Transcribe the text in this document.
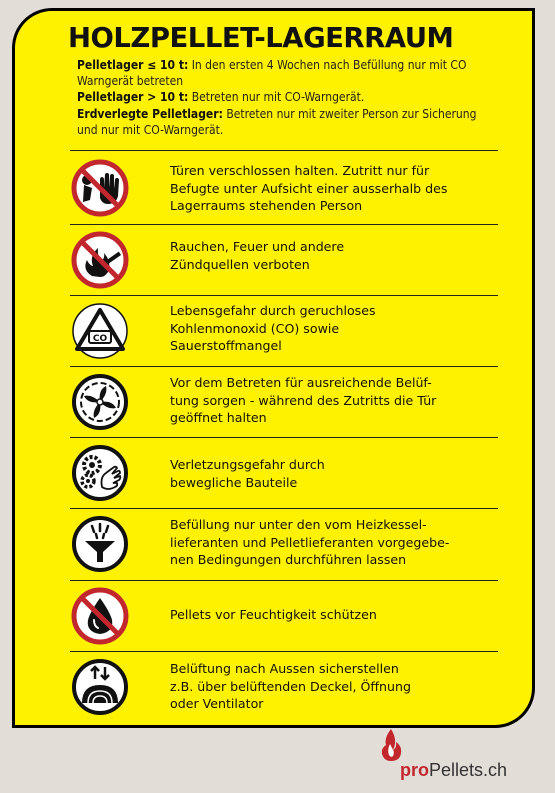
HOLZPELLET-LAGERRAUM

Pelletlager ≤ 10 t: In den ersten 4 Wochen nach Befüllung nur mit CO Warngerät betreten

Pelletlager > 10 t: Betreten nur mit CO-Warngerät.

Erdverlegte Pelletlager: Betreten nur mit zweiter Person zur Sicherung und nur mit CO-Warngerät.

Türen verschlossen halten. Zutritt nur für
Befugte unter Aufsicht einer ausserhalb des
Lagerraums stehenden Person
Rauchen, Feuer und andere
Zündquellen verboten
CO
Lebensgefahr durch geruchloses
Kohlenmonoxid (CO) sowie
Sauerstoffmangel
Vor dem Betreten für ausreichende Belüf-
tung sorgen - während des Zutritts die Tür
geöffnet halten
Verletzungsgefahr durch
bewegliche Bauteile
Befüllung nur unter den vom Heizkessel-
lieferanten und Pelletlieferanten vorgegebe-
nen Bedingungen durchführen lassen
Pellets vor Feuchtigkeit schützen
Belüftung nach Aussen sicherstellen
z.B. über belüftenden Deckel, Öffnung
oder Ventilator
proPellets.ch
